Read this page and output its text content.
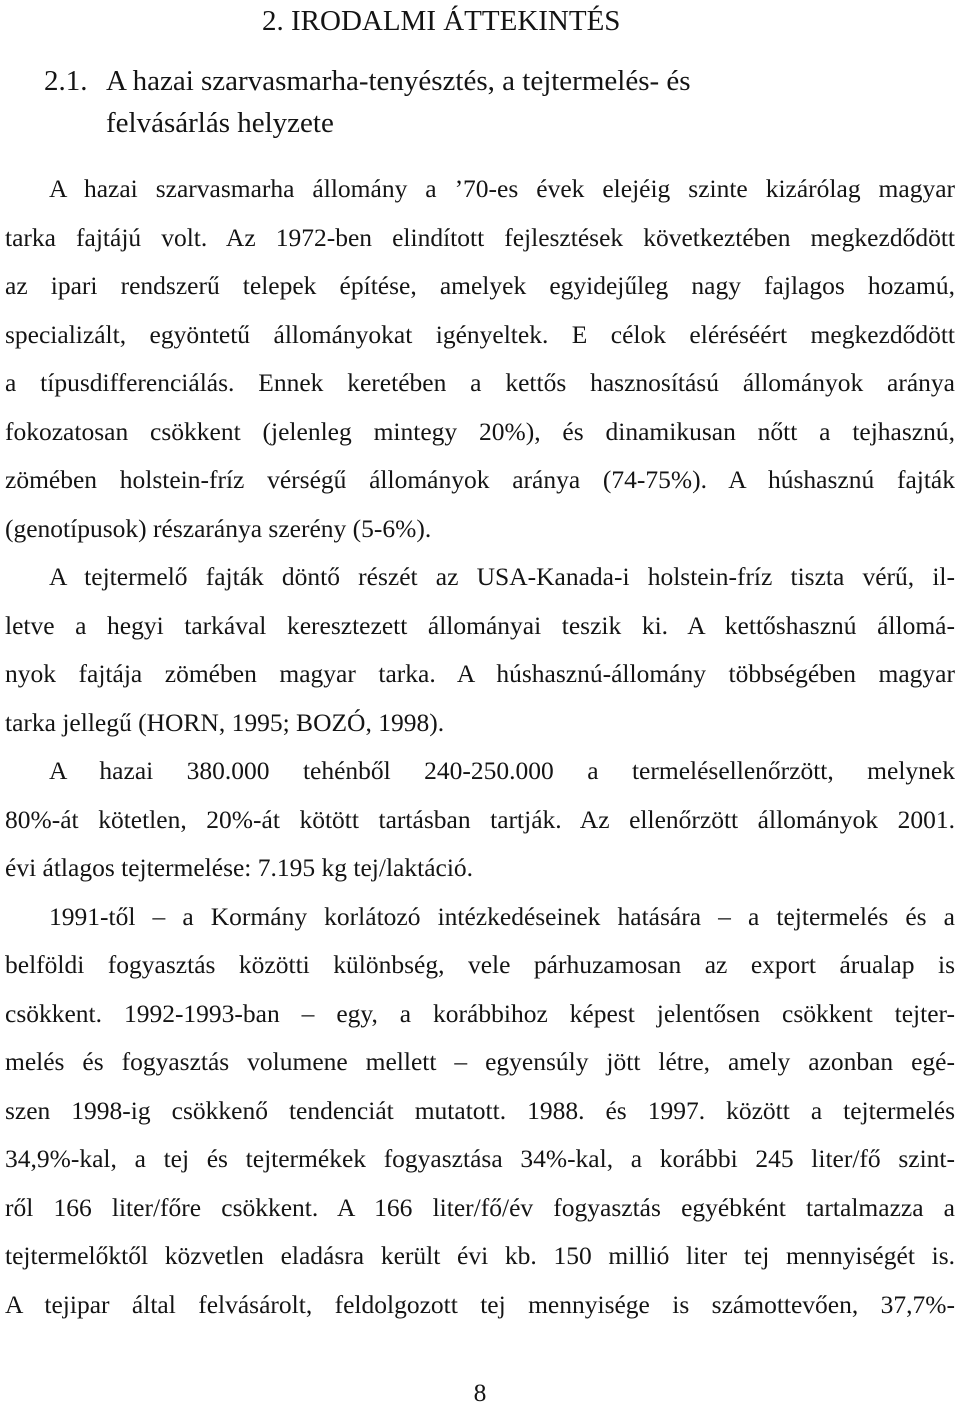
2. IRODALMI ÁTTEKINTÉS
2.1. A hazai szarvasmarha-tenyésztés, a tejtermelés- és
felvásárlás helyzete
A hazai szarvasmarha állomány a ’70-es évek elejéig szinte kizárólag magyar
tarka fajtájú volt. Az 1972-ben elindított fejlesztések következtében megkezdődött
az ipari rendszerű telepek építése, amelyek egyidejűleg nagy fajlagos hozamú,
specializált, egyöntetű állományokat igényeltek. E célok eléréséért megkezdődött
a típusdifferenciálás. Ennek keretében a kettős hasznosítású állományok aránya
fokozatosan csökkent (jelenleg mintegy 20%), és dinamikusan nőtt a tejhasznú,
zömében holstein-fríz vérségű állományok aránya (74-75%). A húshasznú fajták
(genotípusok) részaránya szerény (5-6%).
A tejtermelő fajták döntő részét az USA-Kanada-i holstein-fríz tiszta vérű, il-
letve a hegyi tarkával keresztezett állományai teszik ki. A kettőshasznú állomá-
nyok fajtája zömében magyar tarka. A húshasznú-állomány többségében magyar
tarka jellegű (HORN, 1995; BOZÓ, 1998).
A hazai 380.000 tehénből 240-250.000 a termelésellenőrzött, melynek
80%-át kötetlen, 20%-át kötött tartásban tartják. Az ellenőrzött állományok 2001.
évi átlagos tejtermelése: 7.195 kg tej/laktáció.
1991-től – a Kormány korlátozó intézkedéseinek hatására – a tejtermelés és a
belföldi fogyasztás közötti különbség, vele párhuzamosan az export árualap is
csökkent. 1992-1993-ban – egy, a korábbihoz képest jelentősen csökkent tejter-
melés és fogyasztás volumene mellett – egyensúly jött létre, amely azonban egé-
szen 1998-ig csökkenő tendenciát mutatott. 1988. és 1997. között a tejtermelés
34,9%-kal, a tej és tejtermékek fogyasztása 34%-kal, a korábbi 245 liter/fő szint-
ről 166 liter/főre csökkent. A 166 liter/fő/év fogyasztás egyébként tartalmazza a
tejtermelőktől közvetlen eladásra került évi kb. 150 millió liter tej mennyiségét is.
A tejipar által felvásárolt, feldolgozott tej mennyisége is számottevően, 37,7%-
8
